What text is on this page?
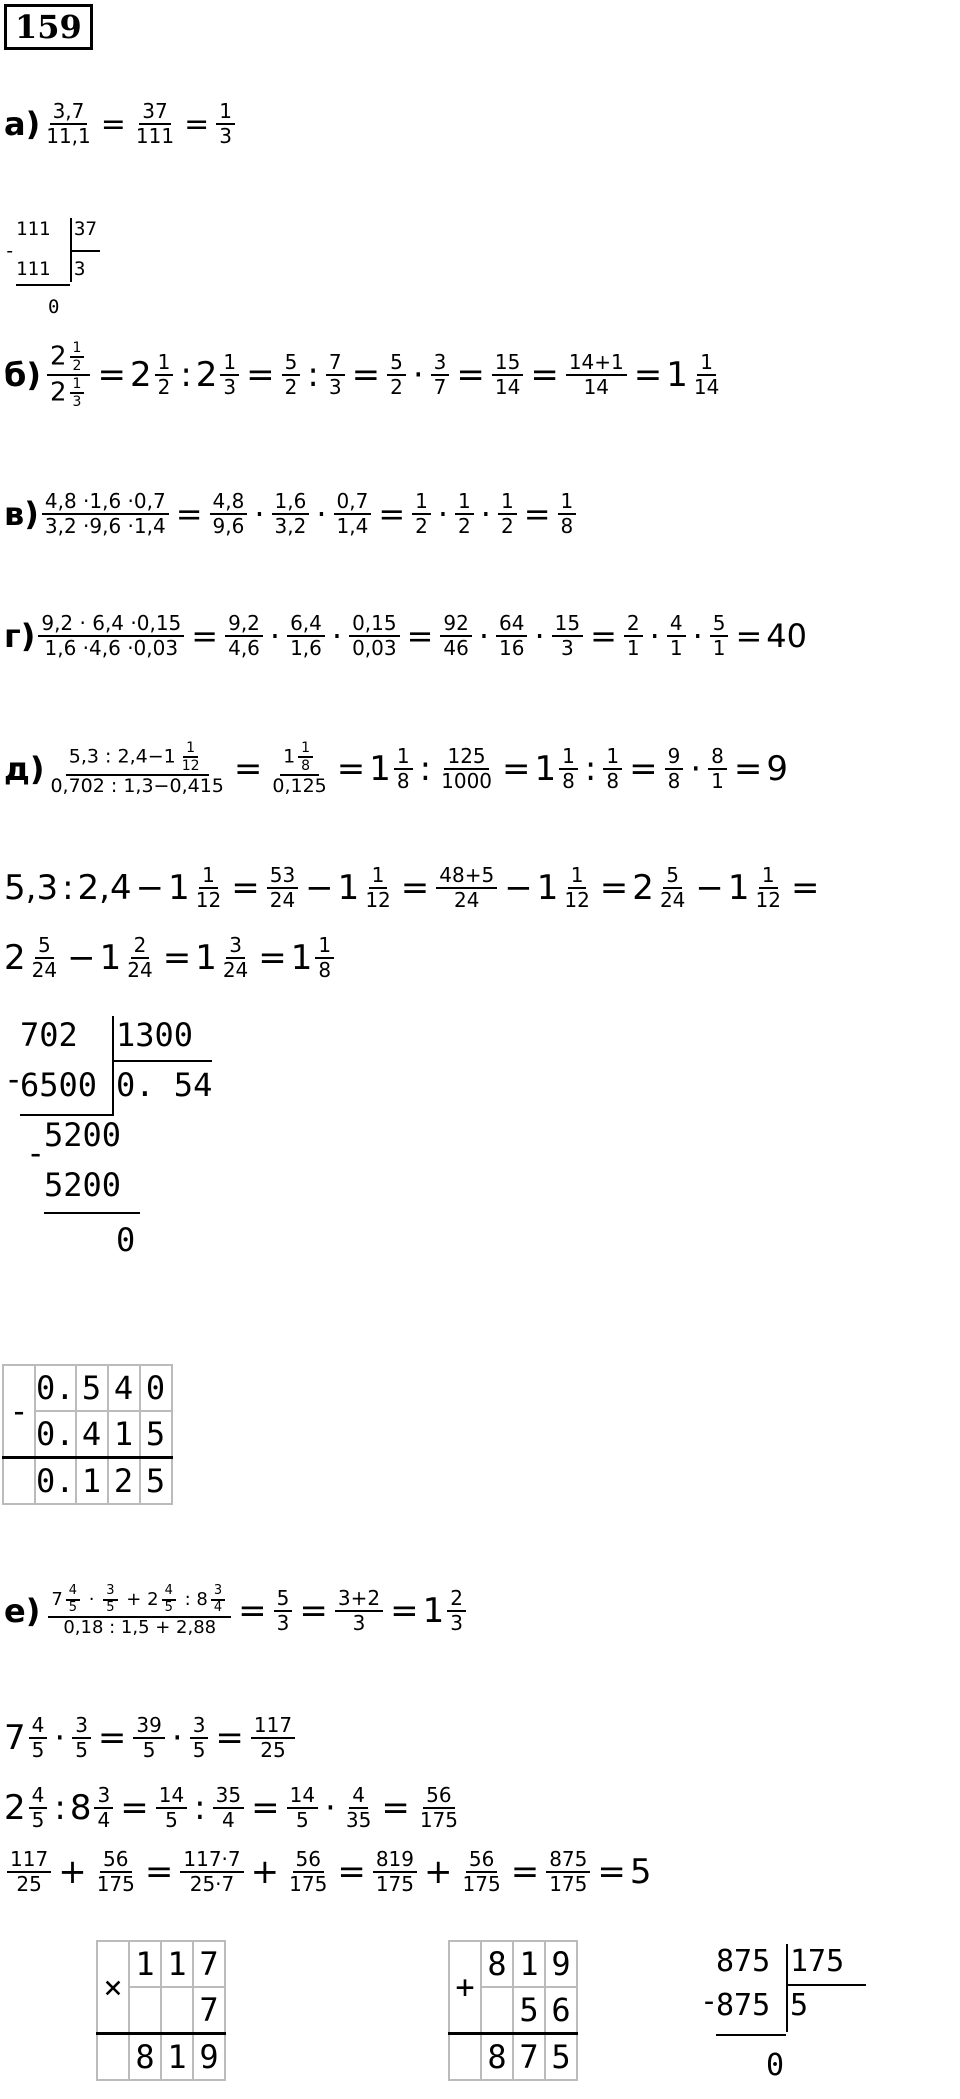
159
$а) \frac{3,7}{11,1} = \frac{37}{111} = \frac{1}{3}$
-
111 37
111 3
0
$б) \frac{2 \frac{1}{2}}{2 \frac{1}{3}} = 2 \frac{1}{2}$ : $2 \frac{1}{3} = \frac{5}{2}$ : $\frac{7}{3} = \frac{5}{2} \cdot \frac{3}{7} = \frac{15}{14} = \frac{14+1}{14} = 1 \frac{1}{14}$
$в) \frac{4,8 \cdot 1,6 \cdot 0,7}{3,2 \cdot 9,6 \cdot 1,4} = \frac{4,8}{9,6} \cdot \frac{1,6}{3,2} \cdot \frac{0,7}{1,4} = \frac{1}{2} \cdot \frac{1}{2} \cdot \frac{1}{2} = \frac{1}{8}$
$г) \frac{9,2 \cdot 6,4 \cdot 0,15}{1,6 \cdot 4,6 \cdot 0,03} = \frac{9,2}{4,6} \cdot \frac{6,4}{1,6} \cdot \frac{0,15}{0,03} = \frac{92}{46} \cdot \frac{64}{16} \cdot \frac{15}{3} = \frac{2}{1} \cdot \frac{4}{1} \cdot \frac{5}{1} = 40$
$д) \frac{5,3 : 2,4-1 \frac{1}{12}}{0,702 : 1,3-0,415} = \frac{1 \frac{1}{8}}{0,125} = 1 \frac{1}{8}$ : $\frac{125}{1000} = 1 \frac{1}{8}$ : $\frac{1}{8} = \frac{9}{8} \cdot \frac{8}{1} = 9$
5,3 : $2,4 - 1 \frac{1}{12} = \frac{53}{24} - 1 \frac{1}{12} = \frac{48+5}{24} - 1 \frac{1}{12} = 2 \frac{5}{24} - 1 \frac{1}{12}$ =
$2 \frac{5}{24} - 1 \frac{2}{24} = 1 \frac{3}{24} = 1 \frac{1}{8}$
-
702 1300
6500 0. 54
-
5200
5200
0
-	0.	5	4	0
	0.	4	1	5
	0.	1	2	5
$е) \frac{7 \frac{4}{5} \cdot \frac{3}{5} + 2 \frac{4}{5} : 8 \frac{3}{4}}{0,18 : 1,5 + 2,88} = \frac{5}{3} = \frac{3+2}{3} = 1 \frac{2}{3}$
$7 \frac{4}{5} \cdot \frac{3}{5} = \frac{39}{5} \cdot \frac{3}{5} = \frac{117}{25}$
$2 \frac{4}{5}$ : $8 \frac{3}{4} = \frac{14}{5}$ : $\frac{35}{4} = \frac{14}{5} \cdot \frac{4}{35} = \frac{56}{175}$
$\frac{117}{25} + \frac{56}{175} = \frac{117\cdot 7}{25\cdot 7} + \frac{56}{175} = \frac{819}{175} + \frac{56}{175} = \frac{875}{175} = 5$
×	1	1	7
			7
	8	1	9
+	8	1	9
		5	6
	8	7	5
-
875 175
875 5
0
